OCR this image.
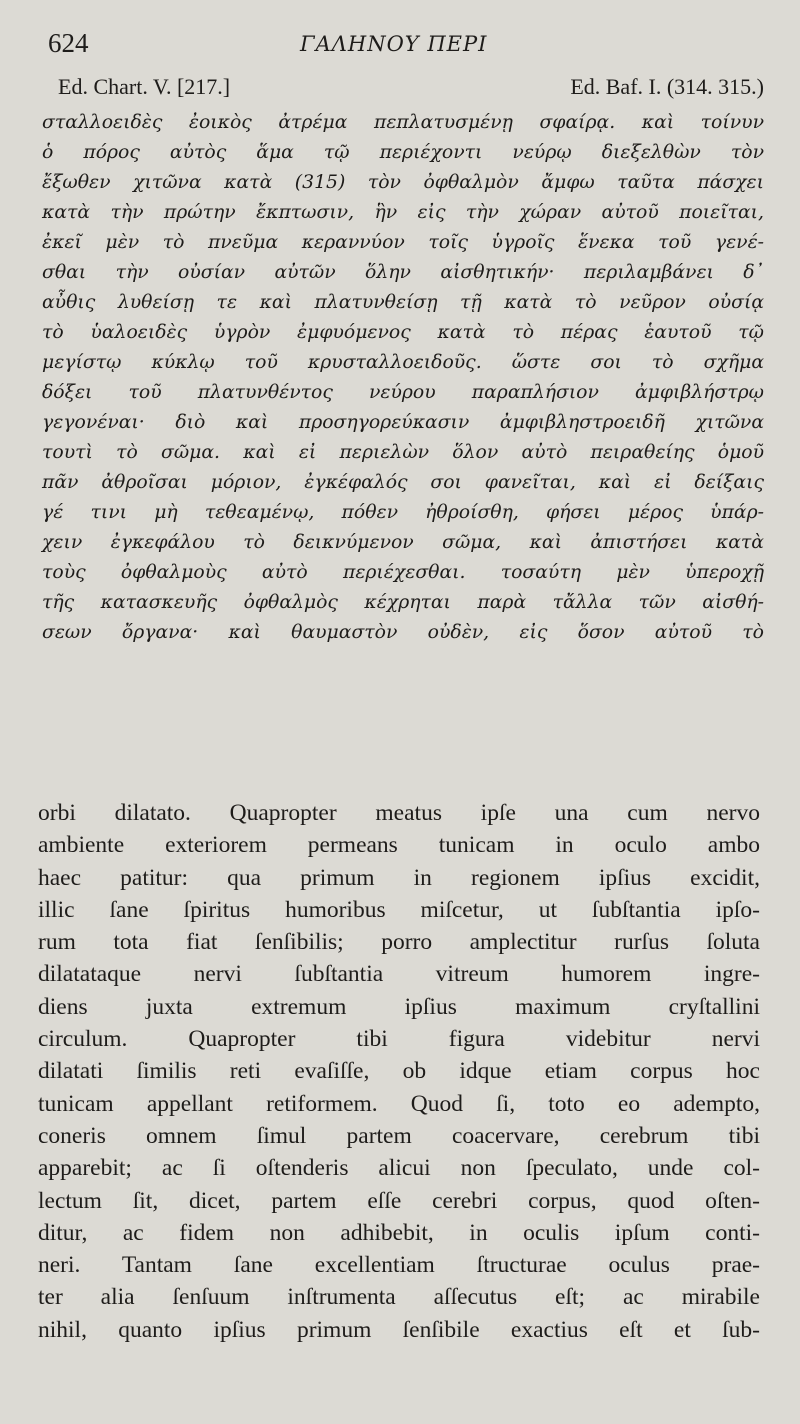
624	ΓΑΛΗΝΟΥ ΠΕΡΙ
Ed. Chart. V. [217.]	Ed. Baf. I. (314. 315.)
σταλλοειδὲς ἐοικὸς ἀτρέμα πεπλατυσμένῃ σφαίρᾳ. καὶ τοίνυν
ὁ πόρος αὐτὸς ἅμα τῷ περιέχοντι νεύρῳ διεξελθὼν τὸν
ἔξωθεν χιτῶνα κατὰ (315) τὸν ὀφθαλμὸν ἄμφω ταῦτα πάσχει
κατὰ τὴν πρώτην ἔκπτωσιν, ἣν εἰς τὴν χώραν αὐτοῦ ποιεῖται,
ἐκεῖ μὲν τὸ πνεῦμα κεραννύον τοῖς ὑγροῖς ἕνεκα τοῦ γενέ-
σθαι τὴν οὐσίαν αὐτῶν ὅλην αἰσθητικήν· περιλαμβάνει δ᾽
αὖθις λυθείσῃ τε καὶ πλατυνθείσῃ τῇ κατὰ τὸ νεῦρον οὐσίᾳ
τὸ ὑαλοειδὲς ὑγρὸν ἐμφυόμενος κατὰ τὸ πέρας ἑαυτοῦ τῷ
μεγίστῳ κύκλῳ τοῦ κρυσταλλοειδοῦς. ὥστε σοι τὸ σχῆμα
δόξει τοῦ πλατυνθέντος νεύρου παραπλήσιον ἀμφιβλήστρῳ
γεγονέναι· διὸ καὶ προσηγορεύκασιν ἀμφιβληστροειδῆ χιτῶνα
τουτὶ τὸ σῶμα. καὶ εἰ περιελὼν ὅλον αὐτὸ πειραθείης ὁμοῦ
πᾶν ἀθροῖσαι μόριον, ἐγκέφαλός σοι φανεῖται, καὶ εἰ δείξαις
γέ τινι μὴ τεθεαμένῳ, πόθεν ἠθροίσθη, φήσει μέρος ὑπάρ-
χειν ἐγκεφάλου τὸ δεικνύμενον σῶμα, καὶ ἀπιστήσει κατὰ
τοὺς ὀφθαλμοὺς αὐτὸ περιέχεσθαι. τοσαύτη μὲν ὑπεροχῇ
τῆς κατασκευῆς ὀφθαλμὸς κέχρηται παρὰ τἄλλα τῶν αἰσθή-
σεων ὄργανα· καὶ θαυμαστὸν οὐδὲν, εἰς ὅσον αὐτοῦ τὸ
orbi dilatato. Quapropter meatus ipſe una cum nervo
ambiente exteriorem permeans tunicam in oculo ambo
haec patitur: qua primum in regionem ipſius excidit,
illic ſane ſpiritus humoribus miſcetur, ut ſubſtantia ipſo-
rum tota fiat ſenſibilis; porro amplectitur rurſus ſoluta
dilatataque nervi ſubſtantia vitreum humorem ingre-
diens juxta extremum ipſius maximum cryſtallini
circulum. Quapropter tibi figura videbitur nervi
dilatati ſimilis reti evaſiſſe, ob idque etiam corpus hoc
tunicam appellant retiformem. Quod ſi, toto eo adempto,
coneris omnem ſimul partem coacervare, cerebrum tibi
apparebit; ac ſi oſtenderis alicui non ſpeculato, unde col-
lectum ſit, dicet, partem eſſe cerebri corpus, quod oſten-
ditur, ac fidem non adhibebit, in oculis ipſum conti-
neri. Tantam ſane excellentiam ſtructurae oculus prae-
ter alia ſenſuum inſtrumenta aſſecutus eſt; ac mirabile
nihil, quanto ipſius primum ſenſibile exactius eſt et ſub-
